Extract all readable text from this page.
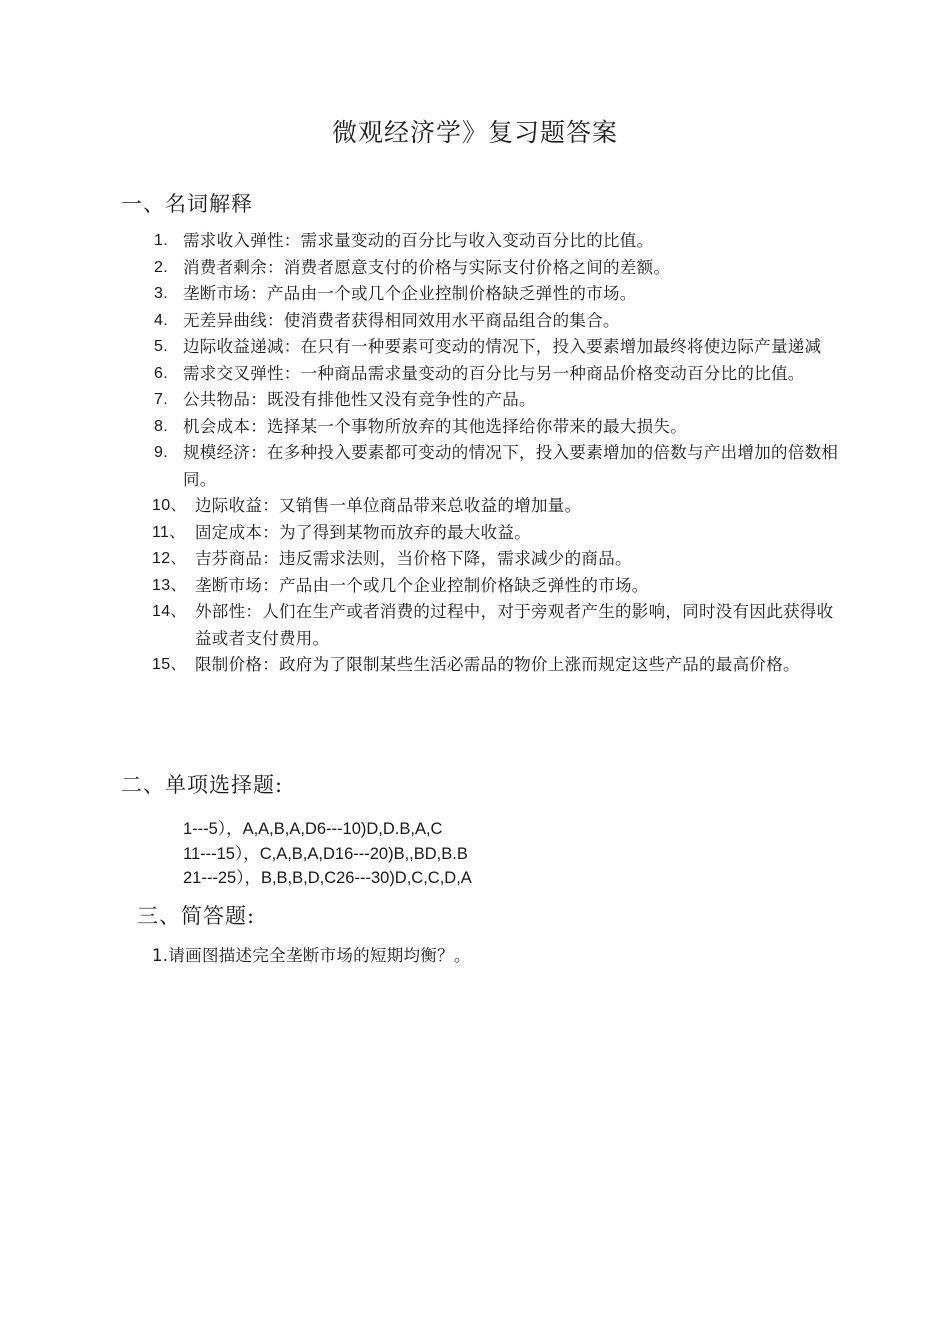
微观经济学》复习题答案
一、名词解释
1. 需求收入弹性：需求量变动的百分比与收入变动百分比的比值。
2. 消费者剩余：消费者愿意支付的价格与实际支付价格之间的差额。
3. 垄断市场：产品由一个或几个企业控制价格缺乏弹性的市场。
4. 无差异曲线：使消费者获得相同效用水平商品组合的集合。
5. 边际收益递减：在只有一种要素可变动的情况下，投入要素增加最终将使边际产量递减
6. 需求交叉弹性：一种商品需求量变动的百分比与另一种商品价格变动百分比的比值。
7. 公共物品：既没有排他性又没有竞争性的产品。
8. 机会成本：选择某一个事物所放弃的其他选择给你带来的最大损失。
9. 规模经济：在多种投入要素都可变动的情况下，投入要素增加的倍数与产出增加的倍数相同。
10、 边际收益：又销售一单位商品带来总收益的增加量。
11、 固定成本：为了得到某物而放弃的最大收益。
12、 吉芬商品：违反需求法则，当价格下降，需求减少的商品。
13、 垄断市场：产品由一个或几个企业控制价格缺乏弹性的市场。
14、 外部性：人们在生产或者消费的过程中，对于旁观者产生的影响，同时没有因此获得收益或者支付费用。
15、 限制价格：政府为了限制某些生活必需品的物价上涨而规定这些产品的最高价格。
二、单项选择题:
1---5），A,A,B,A,D6---10)D,D.B,A,C
11---15），C,A,B,A,D16---20)B,,BD,B.B
21---25），B,B,B,D,C26---30)D,C,C,D,A
三、简答题:
1.请画图描述完全垄断市场的短期均衡？。
